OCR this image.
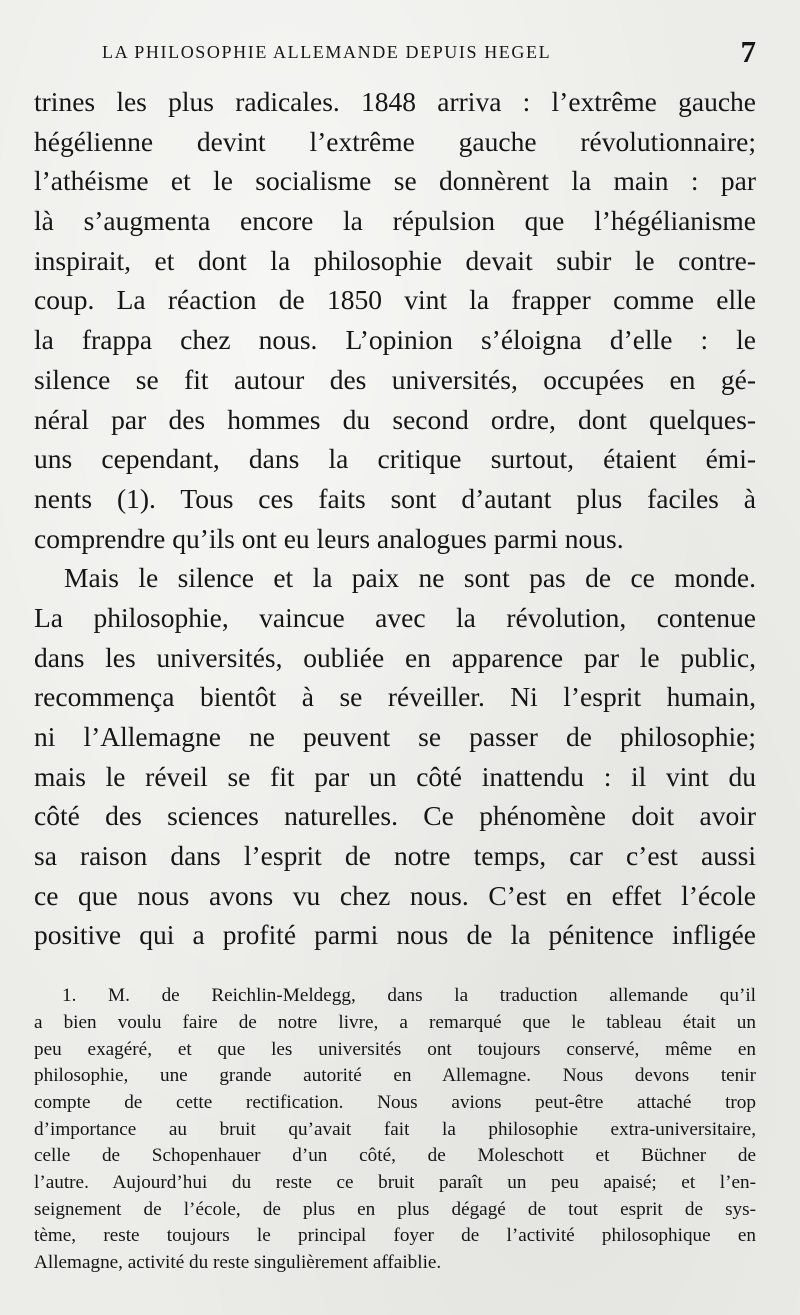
LA PHILOSOPHIE ALLEMANDE DEPUIS HEGEL	7
trines les plus radicales. 1848 arriva : l’extrême gauche
hégélienne devint l’extrême gauche révolutionnaire;
l’athéisme et le socialisme se donnèrent la main : par
là s’augmenta encore la répulsion que l’hégélianisme
inspirait, et dont la philosophie devait subir le contre-
coup. La réaction de 1850 vint la frapper comme elle
la frappa chez nous. L’opinion s’éloigna d’elle : le
silence se fit autour des universités, occupées en gé-
néral par des hommes du second ordre, dont quelques-
uns cependant, dans la critique surtout, étaient émi-
nents (1). Tous ces faits sont d’autant plus faciles à
comprendre qu’ils ont eu leurs analogues parmi nous.
Mais le silence et la paix ne sont pas de ce monde.
La philosophie, vaincue avec la révolution, contenue
dans les universités, oubliée en apparence par le public,
recommença bientôt à se réveiller. Ni l’esprit humain,
ni l’Allemagne ne peuvent se passer de philosophie;
mais le réveil se fit par un côté inattendu : il vint du
côté des sciences naturelles. Ce phénomène doit avoir
sa raison dans l’esprit de notre temps, car c’est aussi
ce que nous avons vu chez nous. C’est en effet l’école
positive qui a profité parmi nous de la pénitence infligée
1. M. de Reichlin-Meldegg, dans la traduction allemande qu’il
a bien voulu faire de notre livre, a remarqué que le tableau était un
peu exagéré, et que les universités ont toujours conservé, même en
philosophie, une grande autorité en Allemagne. Nous devons tenir
compte de cette rectification. Nous avions peut-être attaché trop
d’importance au bruit qu’avait fait la philosophie extra-universitaire,
celle de Schopenhauer d’un côté, de Moleschott et Büchner de
l’autre. Aujourd’hui du reste ce bruit paraît un peu apaisé; et l’en-
seignement de l’école, de plus en plus dégagé de tout esprit de sys-
tème, reste toujours le principal foyer de l’activité philosophique en
Allemagne, activité du reste singulièrement affaiblie.
